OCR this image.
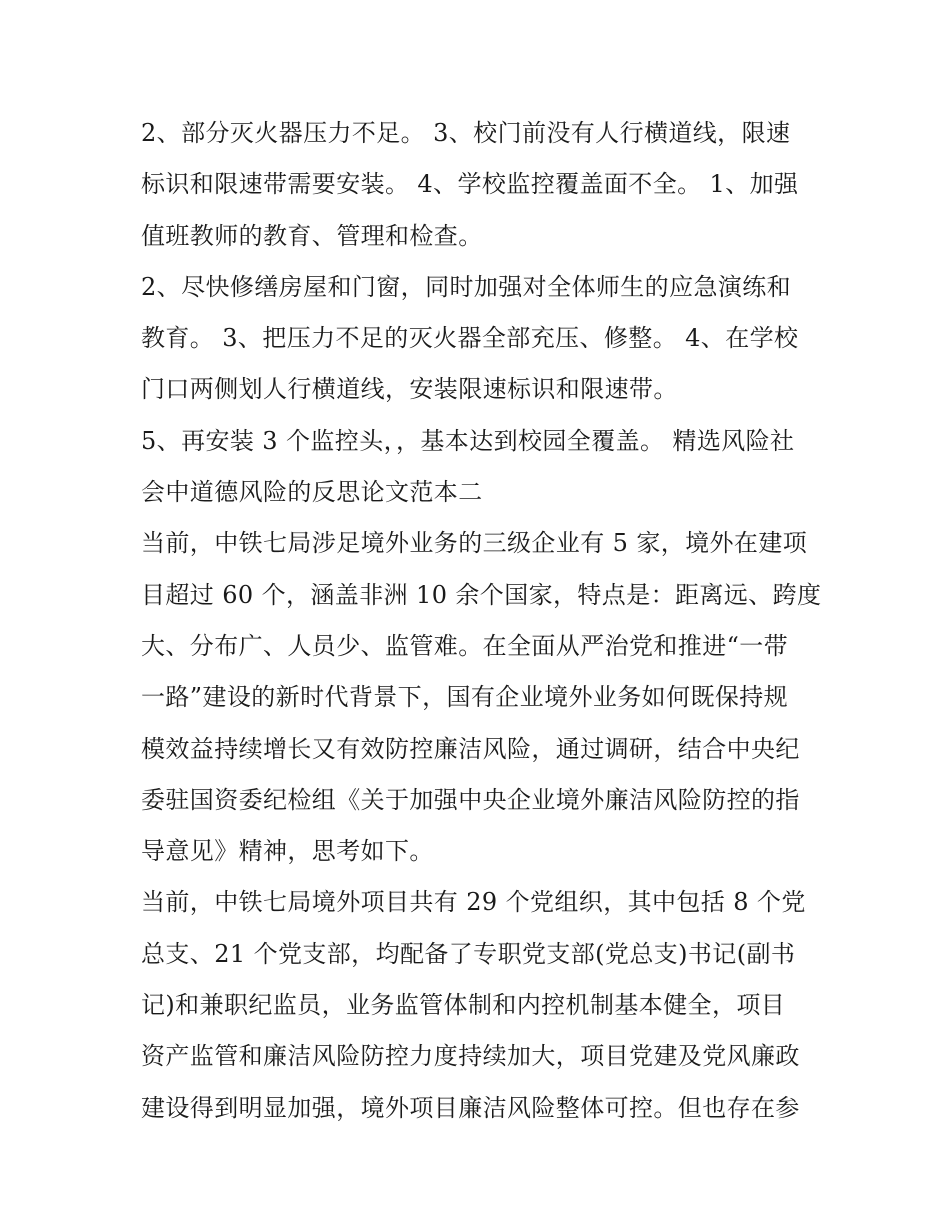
2、部分灭火器压力不足。 3、校门前没有人行横道线，限速
标识和限速带需要安装。 4、学校监控覆盖面不全。 1、加强
值班教师的教育、管理和检查。

2、尽快修缮房屋和门窗，同时加强对全体师生的应急演练和
教育。 3、把压力不足的灭火器全部充压、修整。 4、在学校
门口两侧划人行横道线，安装限速标识和限速带。

5、再安装 3 个监控头，，基本达到校园全覆盖。 精选风险社
会中道德风险的反思论文范本二

当前，中铁七局涉足境外业务的三级企业有 5 家，境外在建项
目超过 60 个，涵盖非洲 10 余个国家，特点是：距离远、跨度
大、分布广、人员少、监管难。在全面从严治党和推进“一带
一路”建设的新时代背景下，国有企业境外业务如何既保持规
模效益持续增长又有效防控廉洁风险，通过调研，结合中央纪
委驻国资委纪检组《关于加强中央企业境外廉洁风险防控的指
导意见》精神，思考如下。

当前，中铁七局境外项目共有 29 个党组织，其中包括 8 个党
总支、21 个党支部，均配备了专职党支部(党总支)书记(副书
记)和兼职纪监员，业务监管体制和内控机制基本健全，项目
资产监管和廉洁风险防控力度持续加大，项目党建及党风廉政
建设得到明显加强，境外项目廉洁风险整体可控。但也存在参
